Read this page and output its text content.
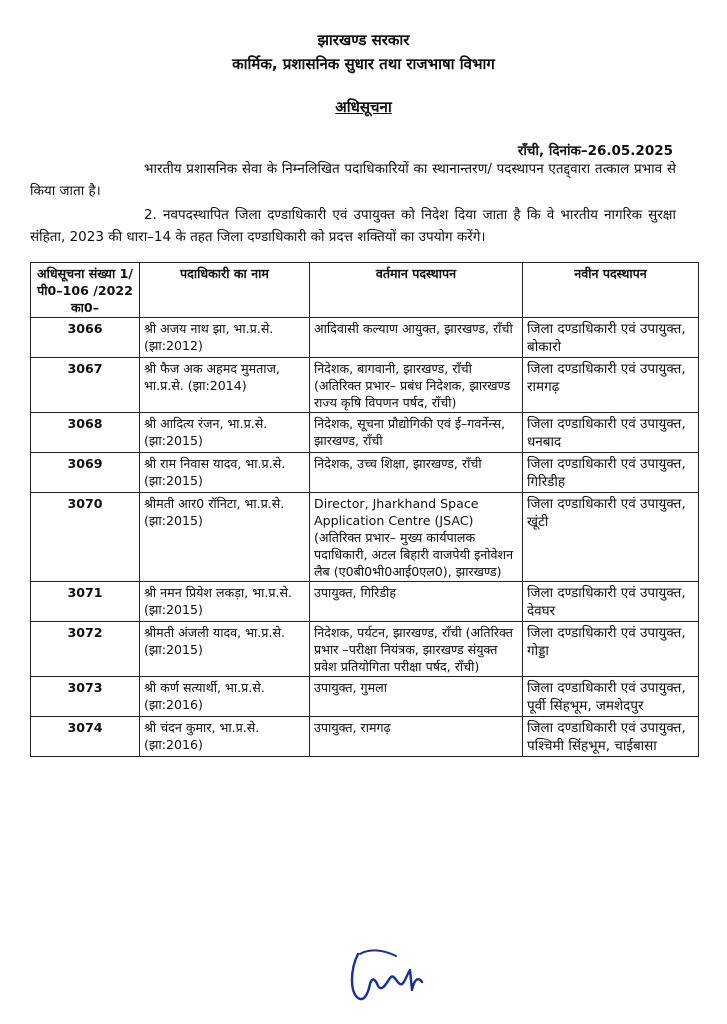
झारखण्ड सरकार
कार्मिक, प्रशासनिक सुधार तथा राजभाषा विभाग
अधिसूचना
राँची, दिनांक–26.05.2025
भारतीय प्रशासनिक सेवा के निम्नलिखित पदाधिकारियों का स्थानान्तरण/ पदस्थापन एतद्द्वारा तत्काल प्रभाव से किया जाता है।
2. नवपदस्थापित जिला दण्डाधिकारी एवं उपायुक्त को निदेश दिया जाता है कि वे भारतीय नागरिक सुरक्षा संहिता, 2023 की धारा–14 के तहत जिला दण्डाधिकारी को प्रदत्त शक्तियों का उपयोग करेंगे।
अधिसूचना संख्या 1/पी0–106 /2022 का0–	पदाधिकारी का नाम	वर्तमान पदस्थापन	नवीन पदस्थापन
3066	श्री अजय नाथ झा, भा.प्र.से. (झा:2012)	आदिवासी कल्याण आयुक्त, झारखण्ड, राँची	जिला दण्डाधिकारी एवं उपायुक्त, बोकारो
3067	श्री फैज अक अहमद मुमताज, भा.प्र.से. (झा:2014)	निदेशक, बागवानी, झारखण्ड, राँची (अतिरिक्त प्रभार– प्रबंध निदेशक, झारखण्ड राज्य कृषि विपणन पर्षद, राँची)	जिला दण्डाधिकारी एवं उपायुक्त, रामगढ़
3068	श्री आदित्य रंजन, भा.प्र.से. (झा:2015)	निदेशक, सूचना प्रौद्योगिकी एवं ई–गवर्नेन्स, झारखण्ड, राँची	जिला दण्डाधिकारी एवं उपायुक्त, धनबाद
3069	श्री राम निवास यादव, भा.प्र.से. (झा:2015)	निदेशक, उच्च शिक्षा, झारखण्ड, राँची	जिला दण्डाधिकारी एवं उपायुक्त, गिरिडीह
3070	श्रीमती आर0 रॉनिटा, भा.प्र.से. (झा:2015)	Director, Jharkhand Space Application Centre (JSAC) (अतिरिक्त प्रभार– मुख्य कार्यपालक पदाधिकारी, अटल बिहारी वाजपेयी इनोवेशन लैब (ए0बी0भी0आई0एल0), झारखण्ड)	जिला दण्डाधिकारी एवं उपायुक्त, खूंटी
3071	श्री नमन प्रियेश लकड़ा, भा.प्र.से. (झा:2015)	उपायुक्त, गिरिडीह	जिला दण्डाधिकारी एवं उपायुक्त, देवघर
3072	श्रीमती अंजली यादव, भा.प्र.से. (झा:2015)	निदेशक, पर्यटन, झारखण्ड, राँची (अतिरिक्त प्रभार –परीक्षा नियंत्रक, झारखण्ड संयुक्त प्रवेश प्रतियोगिता परीक्षा पर्षद, राँची)	जिला दण्डाधिकारी एवं उपायुक्त, गोड्डा
3073	श्री कर्ण सत्यार्थी, भा.प्र.से. (झा:2016)	उपायुक्त, गुमला	जिला दण्डाधिकारी एवं उपायुक्त, पूर्वी सिंहभूम, जमशेदपुर
3074	श्री चंदन कुमार, भा.प्र.से. (झा:2016)	उपायुक्त, रामगढ़	जिला दण्डाधिकारी एवं उपायुक्त, पश्चिमी सिंहभूम, चाईबासा
